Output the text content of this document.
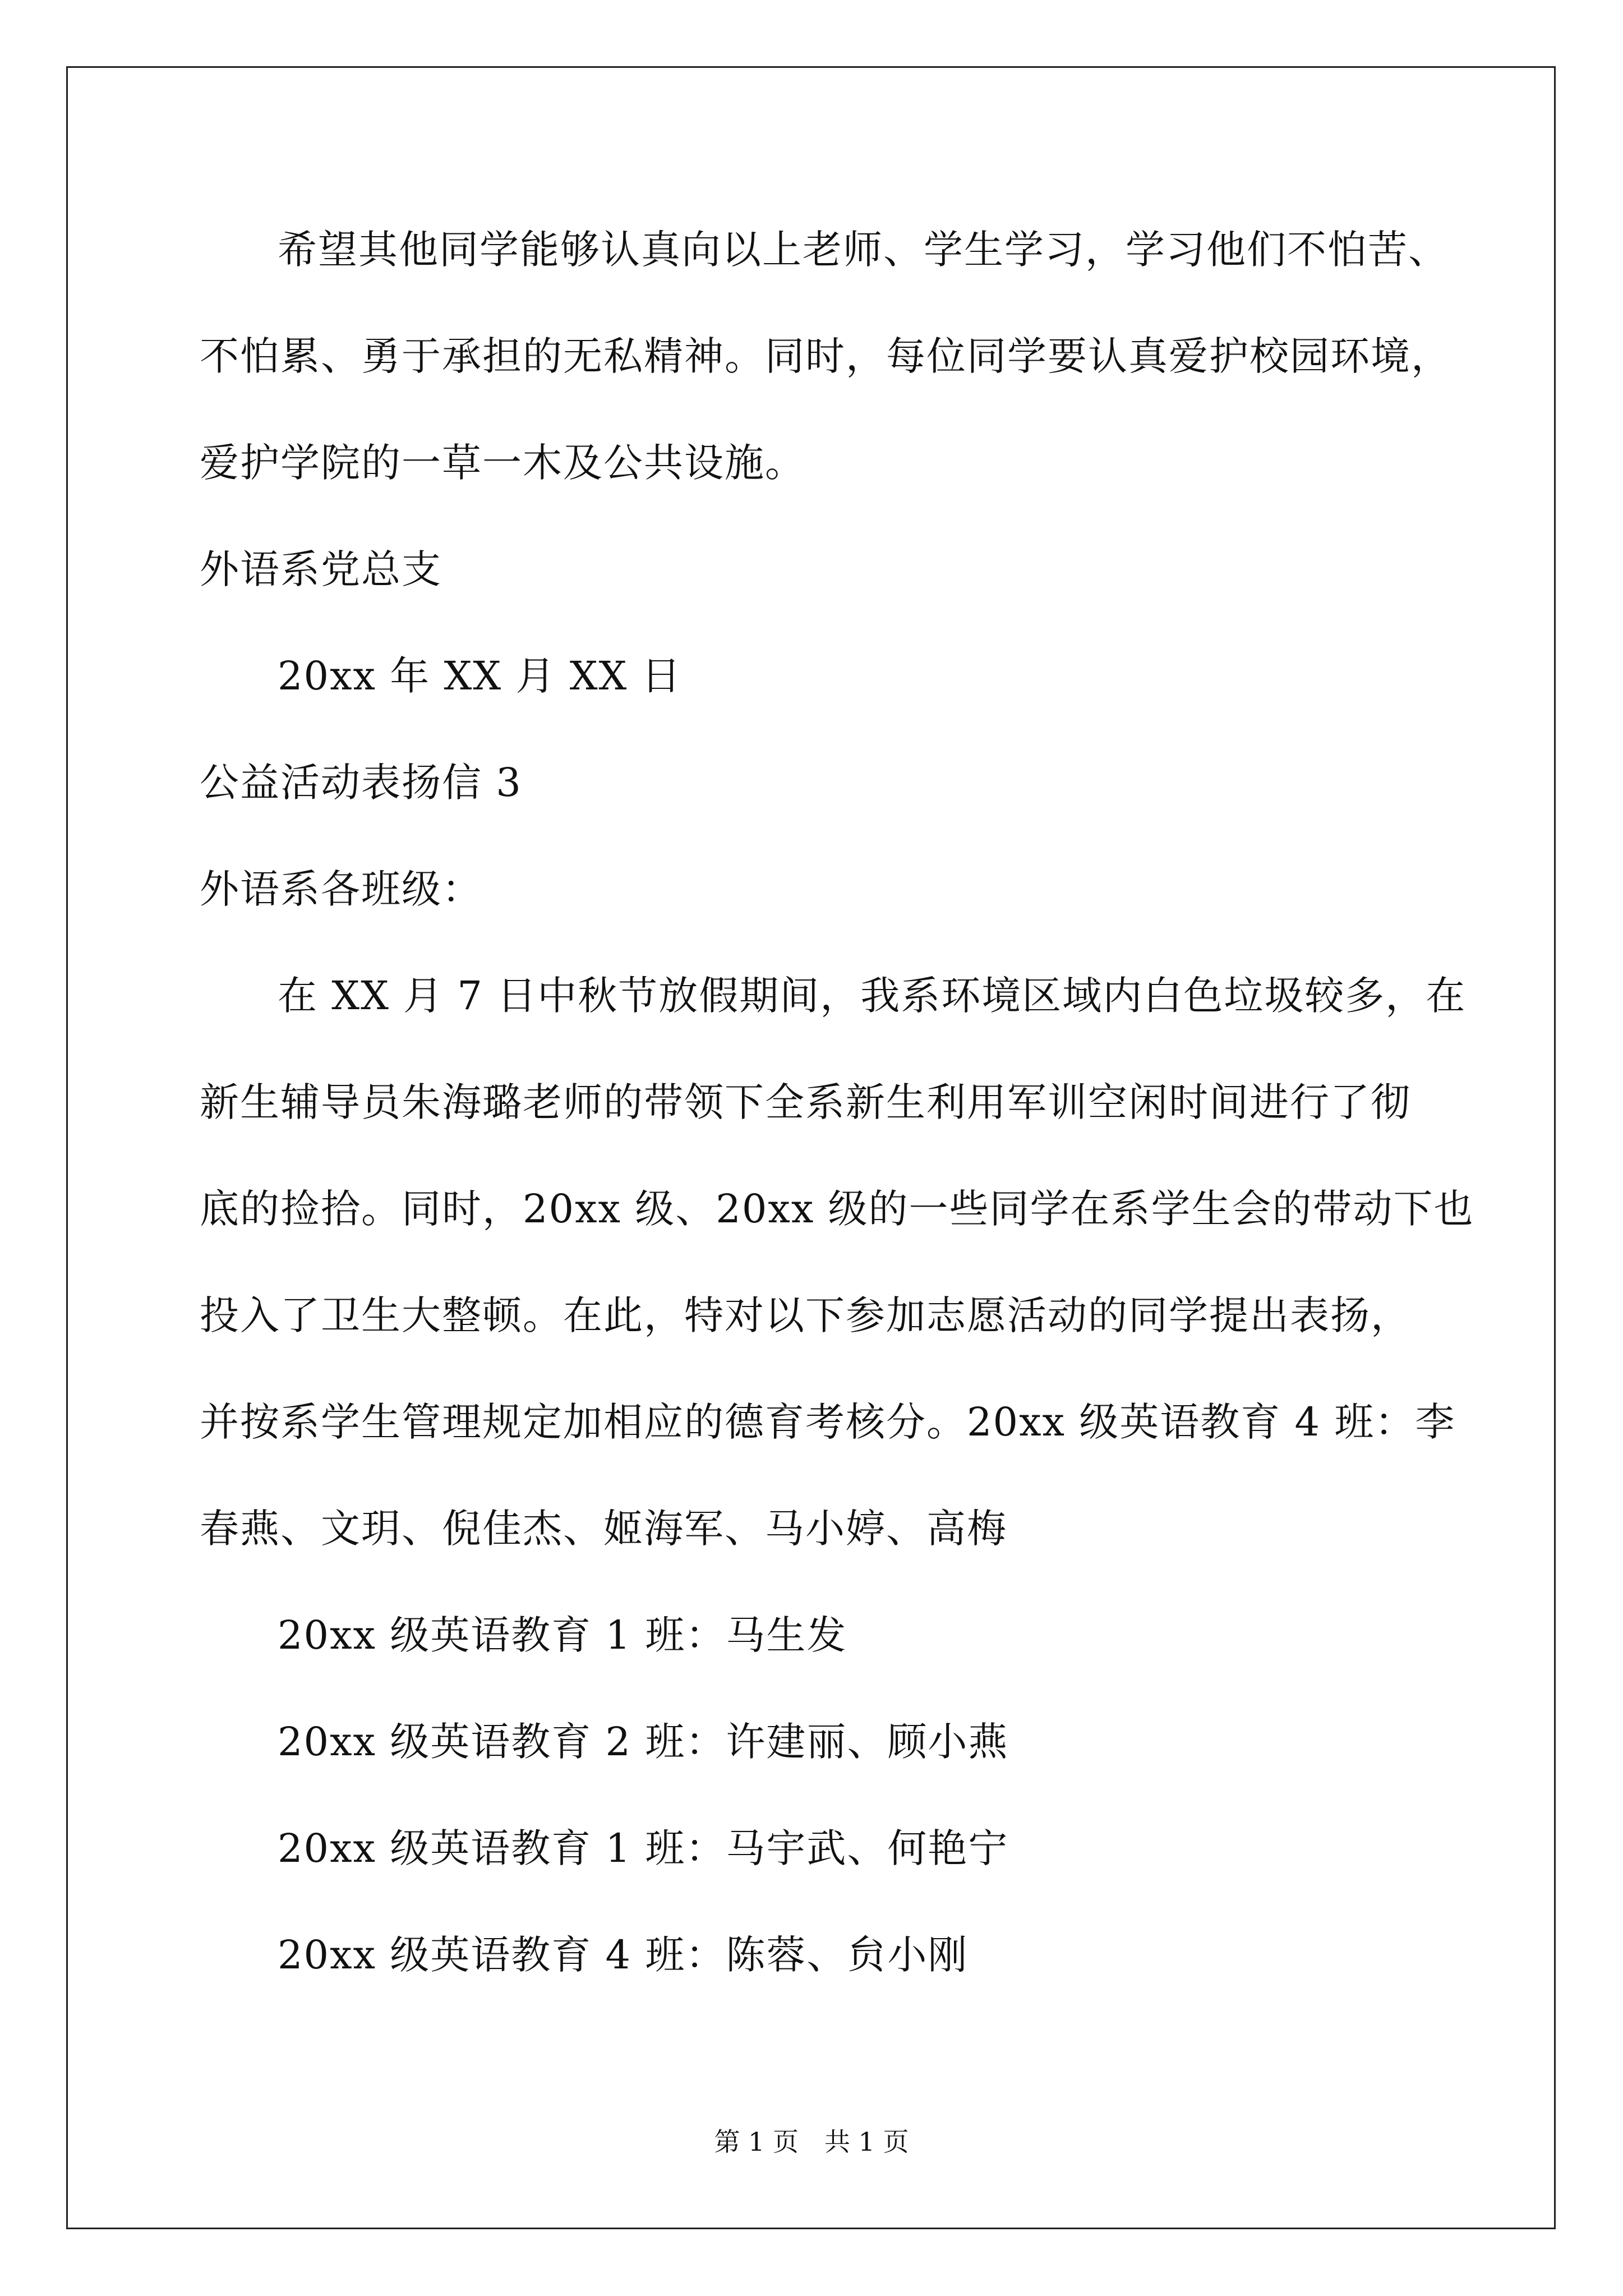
希望其他同学能够认真向以上老师、学生学习，学习他们不怕苦、
不怕累、勇于承担的无私精神。同时，每位同学要认真爱护校园环境，
爱护学院的一草一木及公共设施。
外语系党总支
20xx 年 XX 月 XX 日
公益活动表扬信 3
外语系各班级：
在 XX 月 7 日中秋节放假期间，我系环境区域内白色垃圾较多，在
新生辅导员朱海璐老师的带领下全系新生利用军训空闲时间进行了彻
底的捡拾。同时，20xx 级、20xx 级的一些同学在系学生会的带动下也
投入了卫生大整顿。在此，特对以下参加志愿活动的同学提出表扬，
并按系学生管理规定加相应的德育考核分。20xx 级英语教育 4 班：李
春燕、文玥、倪佳杰、姬海军、马小婷、高梅
20xx 级英语教育 1 班：马生发
20xx 级英语教育 2 班：许建丽、顾小燕
20xx 级英语教育 1 班：马宇武、何艳宁
20xx 级英语教育 4 班：陈蓉、贠小刚
第 1 页　共 1 页
